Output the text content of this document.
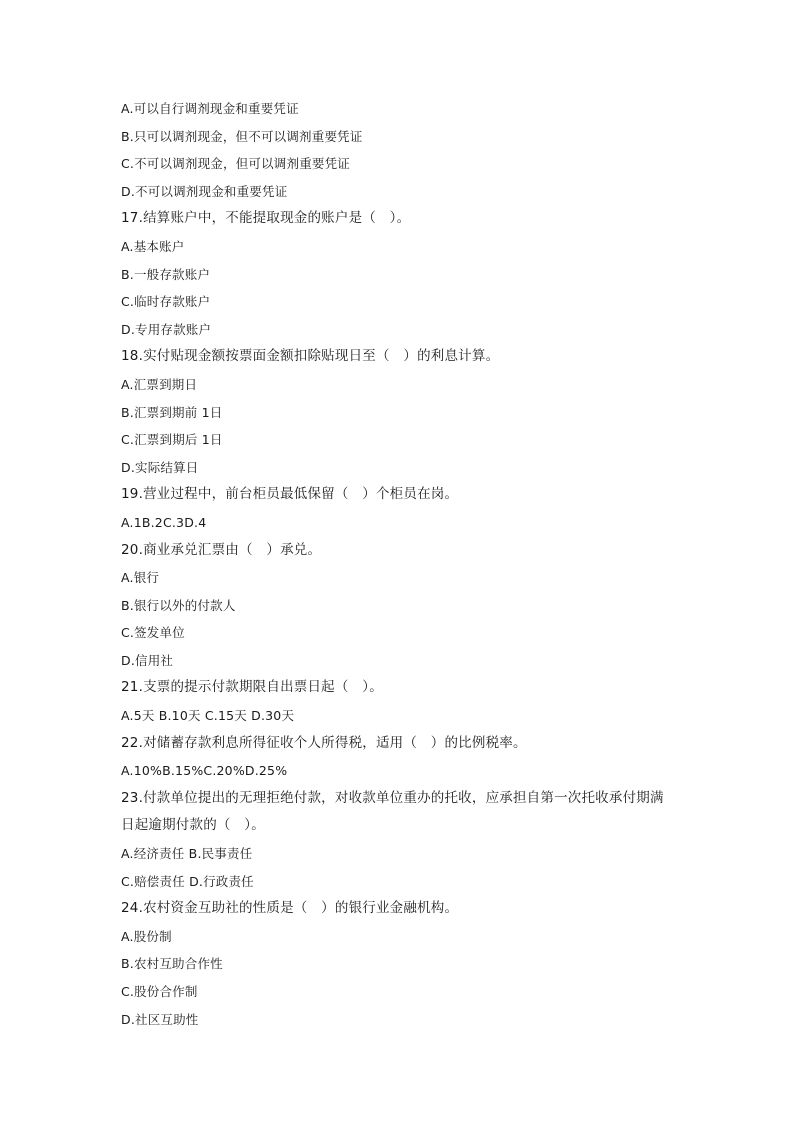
A.可以自行调剂现金和重要凭证
B.只可以调剂现金，但不可以调剂重要凭证
C.不可以调剂现金，但可以调剂重要凭证
D.不可以调剂现金和重要凭证
17.结算账户中，不能提取现金的账户是（　）。
A.基本账户
B.一般存款账户
C.临时存款账户
D.专用存款账户
18.实付贴现金额按票面金额扣除贴现日至（　）的利息计算。
A.汇票到期日
B.汇票到期前 1日
C.汇票到期后 1日
D.实际结算日
19.营业过程中，前台柜员最低保留（　）个柜员在岗。
A.1B.2C.3D.4
20.商业承兑汇票由（　）承兑。
A.银行
B.银行以外的付款人
C.签发单位
D.信用社
21.支票的提示付款期限自出票日起（　）。
A.5天 B.10天 C.15天 D.30天
22.对储蓄存款利息所得征收个人所得税，适用（　）的比例税率。
A.10%B.15%C.20%D.25%
23.付款单位提出的无理拒绝付款，对收款单位重办的托收，应承担自第一次托收承付期满
日起逾期付款的（　）。
A.经济责任 B.民事责任
C.赔偿责任 D.行政责任
24.农村资金互助社的性质是（　）的银行业金融机构。
A.股份制
B.农村互助合作性
C.股份合作制
D.社区互助性
